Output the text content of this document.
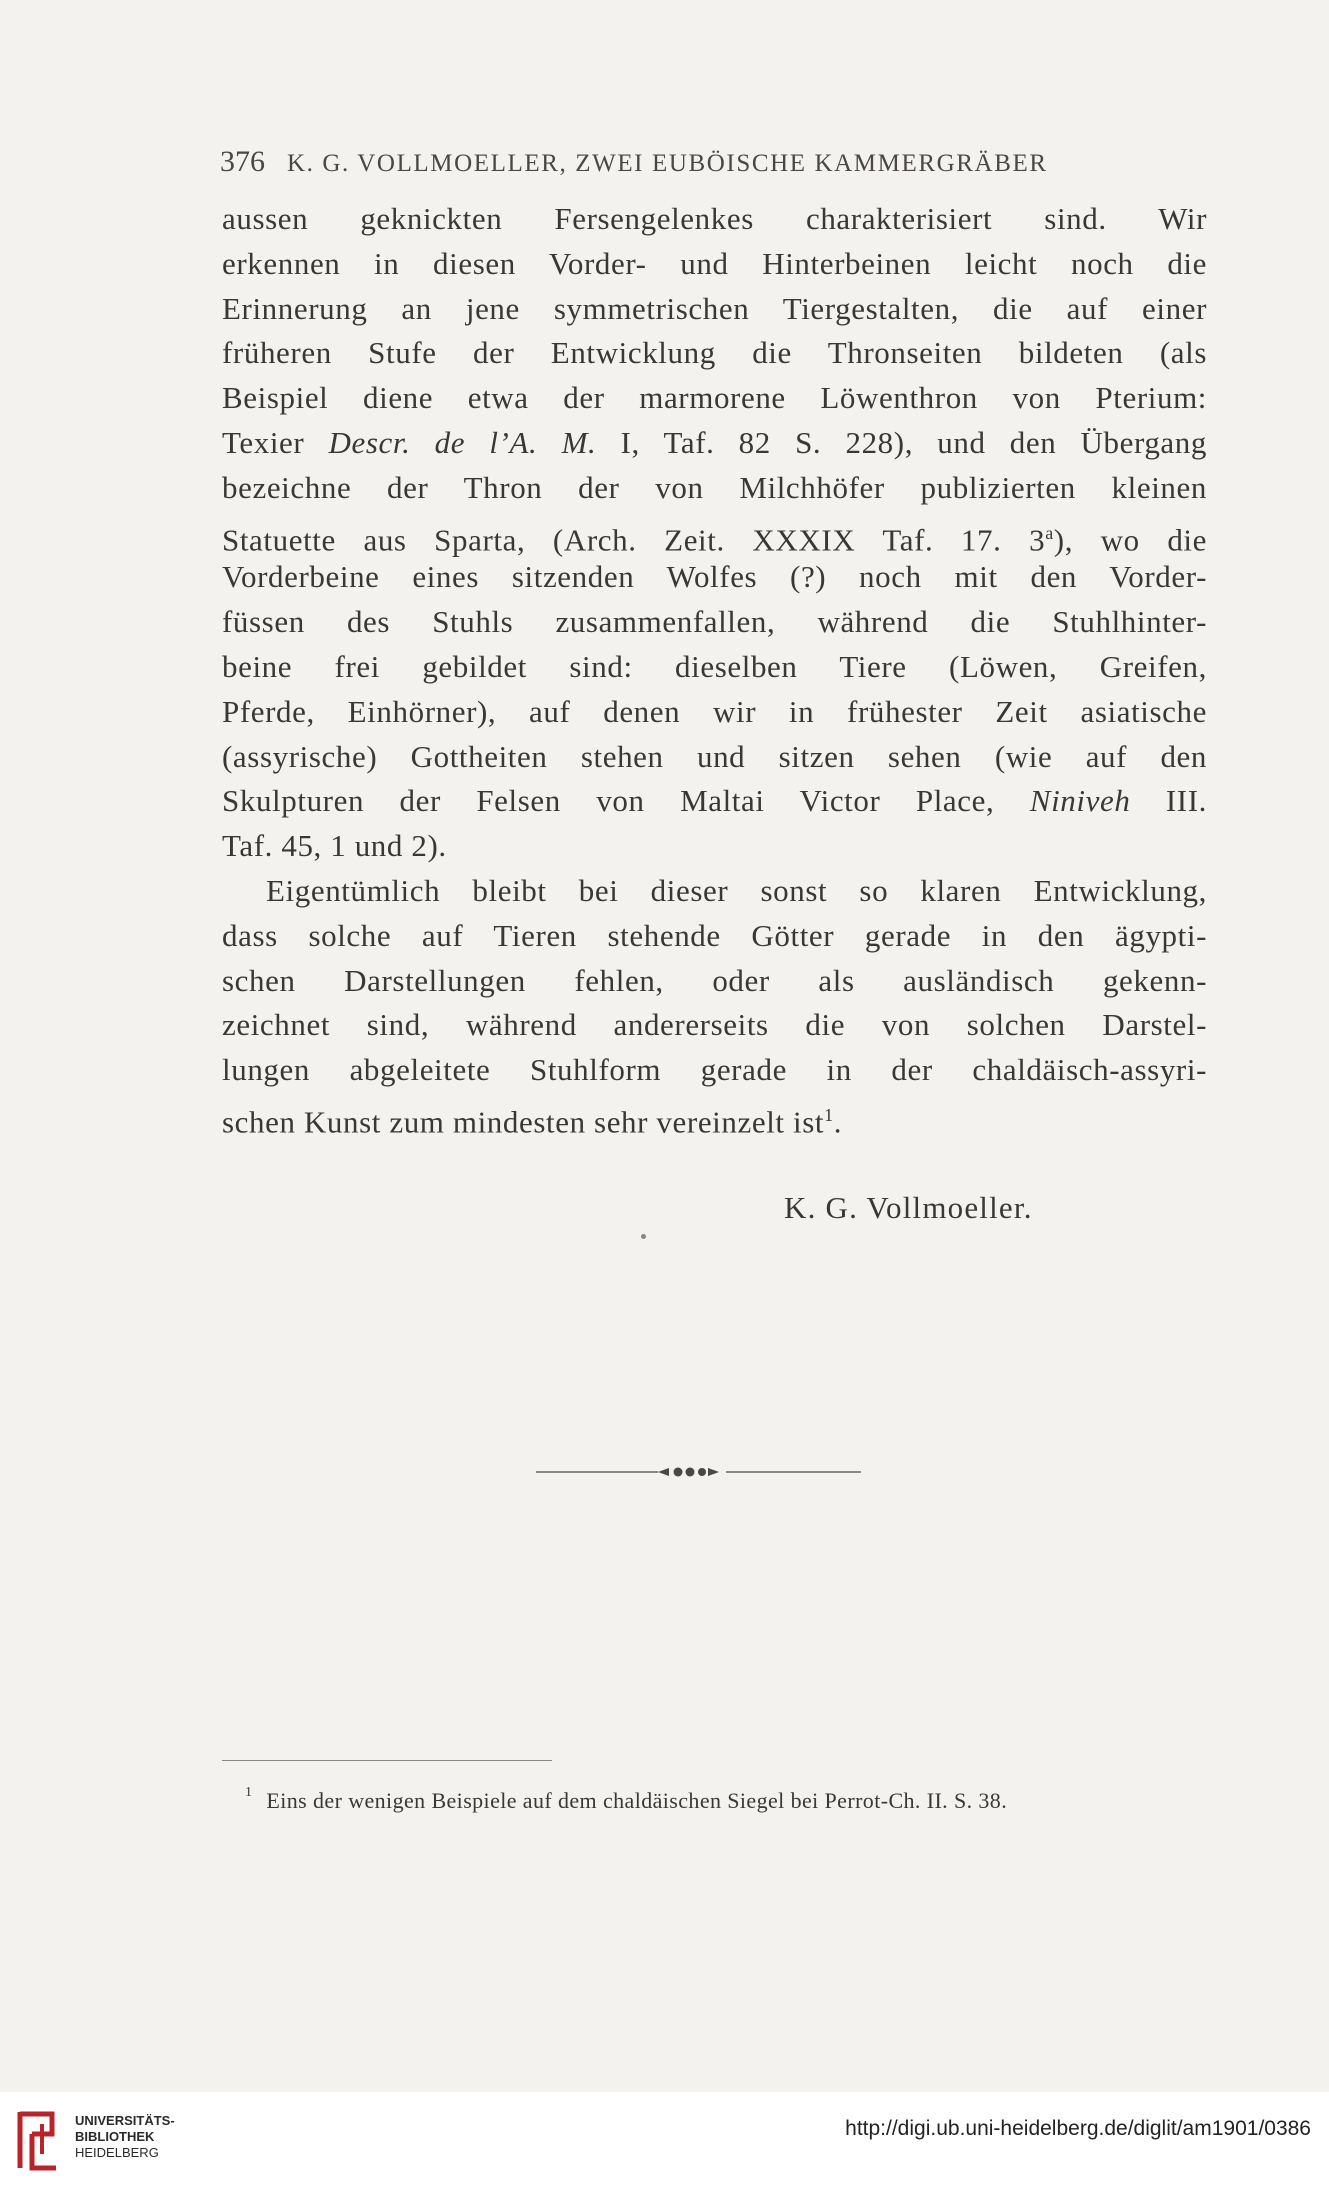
376 K. G. VOLLMOELLER, ZWEI EUBÖISCHE KAMMERGRÄBER
aussen geknickten Fersengelenkes charakterisiert sind. Wir
erkennen in diesen Vorder- und Hinterbeinen leicht noch die
Erinnerung an jene symmetrischen Tiergestalten, die auf einer
früheren Stufe der Entwicklung die Thronseiten bildeten (als
Beispiel diene etwa der marmorene Löwenthron von Pterium:
Texier Descr. de l’A. M. I, Taf. 82 S. 228), und den Übergang
bezeichne der Thron der von Milchhöfer publizierten kleinen
Statuette aus Sparta, (Arch. Zeit. XXXIX Taf. 17. 3$^a$), wo die
Vorderbeine eines sitzenden Wolfes (?) noch mit den Vorder-
füssen des Stuhls zusammenfallen, während die Stuhlhinter-
beine frei gebildet sind: dieselben Tiere (Löwen, Greifen,
Pferde, Einhörner), auf denen wir in frühester Zeit asiatische
(assyrische) Gottheiten stehen und sitzen sehen (wie auf den
Skulpturen der Felsen von Maltai Victor Place, Niniveh III.
Taf. 45, 1 und 2).
Eigentümlich bleibt bei dieser sonst so klaren Entwicklung,
dass solche auf Tieren stehende Götter gerade in den ägypti-
schen Darstellungen fehlen, oder als ausländisch gekenn-
zeichnet sind, während andererseits die von solchen Darstel-
lungen abgeleitete Stuhlform gerade in der chaldäisch-assyri-
schen Kunst zum mindesten sehr vereinzelt ist$^1$.
K. G. Vollmoeller.
$^1$ Eins der wenigen Beispiele auf dem chaldäischen Siegel bei Perrot-Ch. II. S. 38.
UNIVERSITÄTS-
BIBLIOTHEK
HEIDELBERG
http://digi.ub.uni-heidelberg.de/diglit/am1901/0386
